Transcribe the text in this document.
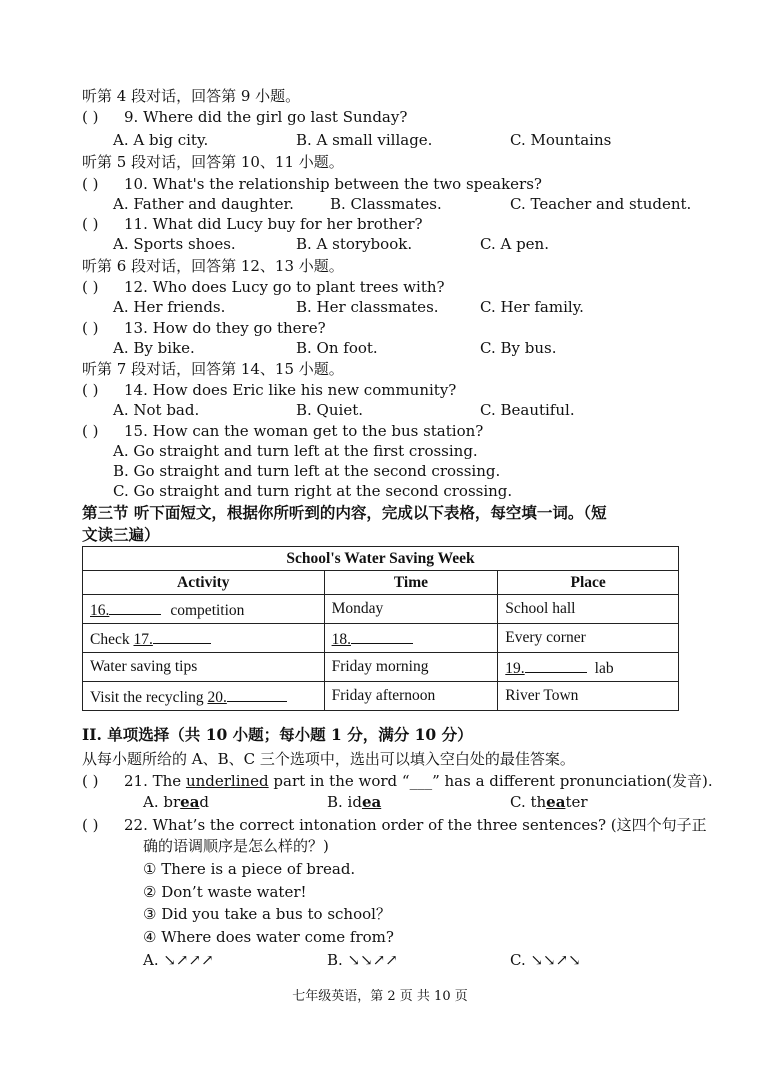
听第 4 段对话，回答第 9 小题。
( ) 9. Where did the girl go last Sunday?
A. A big city.	B. A small village.	C. Mountains
听第 5 段对话，回答第 10、11 小题。
( ) 10. What's the relationship between the two speakers?
A. Father and daughter. B. Classmates.	C. Teacher and student.
( ) 11. What did Lucy buy for her brother?
A. Sports shoes.	B. A storybook.	C. A pen.
听第 6 段对话，回答第 12、13 小题。
( ) 12. Who does Lucy go to plant trees with?
A. Her friends.	B. Her classmates.	C. Her family.
( ) 13. How do they go there?
A. By bike.	B. On foot.	C. By bus.
听第 7 段对话，回答第 14、15 小题。
( ) 14. How does Eric like his new community?
A. Not bad.	B. Quiet.	C. Beautiful.
( ) 15. How can the woman get to the bus station?
A. Go straight and turn left at the first crossing.
B. Go straight and turn left at the second crossing.
C. Go straight and turn right at the second crossing.
第三节 听下面短文，根据你所听到的内容，完成以下表格，每空填一词。（短
文读三遍）
School's Water Saving Week		
Activity	Time	Place
16. competition	Monday	School hall
Check 17.	18.	Every corner
Water saving tips	Friday morning	19. lab
Visit the recycling 20.	Friday afternoon	River Town
II. 单项选择（共 10 小题；每小题 1 分，满分 10 分）
从每小题所给的 A、B、C 三个选项中，选出可以填入空白处的最佳答案。
( ) 21. The underlined part in the word “___” has a different pronunciation(发音).
A. bread	B. idea	C. theater
( ) 22. What’s the correct intonation order of the three sentences? (这四个句子正
确的语调顺序是怎么样的？)
① There is a piece of bread.
② Don’t waste water!
③ Did you take a bus to school？
④ Where does water come from?
A. ↘↗↗↗	B. ↘↘↗↗	C. ↘↘↗↘
七年级英语，第 2 页 共 10 页
